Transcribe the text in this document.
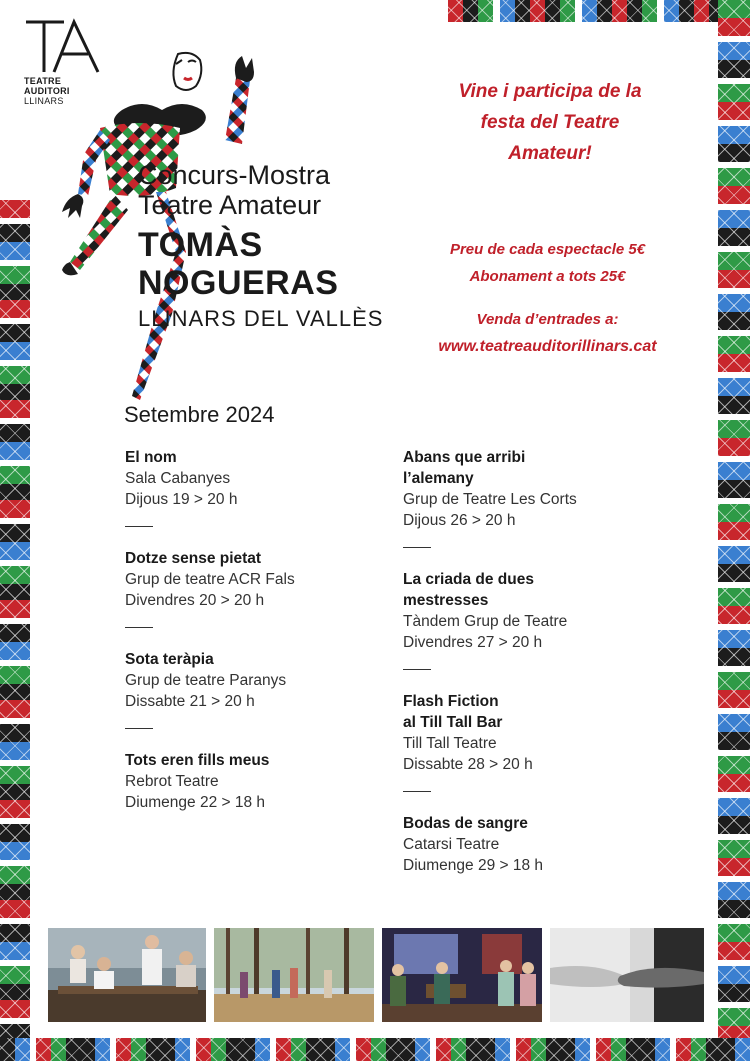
TEATRE
AUDITORI
LLINARS
Concurs-Mostra
Teatre Amateur
TOMÀS
NOGUERAS
LLINARS DEL VALLÈS
Vine i participa de la
festa del Teatre
Amateur!
Preu de cada espectacle 5€
Abonament a tots 25€
Venda d’entrades a:
www.teatreauditorillinars.cat
Setembre 2024
El nom
Sala Cabanyes
Dijous 19 > 20 h
Dotze sense pietat
Grup de teatre ACR Fals
Divendres 20 > 20 h
Sota teràpia
Grup de teatre Paranys
Dissabte 21 > 20 h
Tots eren fills meus
Rebrot Teatre
Diumenge 22 > 18 h
Abans que arribi
l’alemany
Grup de Teatre Les Corts
Dijous 26 > 20 h
La criada de dues
mestresses
Tàndem Grup de Teatre
Divendres 27 > 20 h
Flash Fiction
al Till Tall Bar
Till Tall Teatre
Dissabte 28 > 20 h
Bodas de sangre
Catarsi Teatre
Diumenge 29 > 18 h
